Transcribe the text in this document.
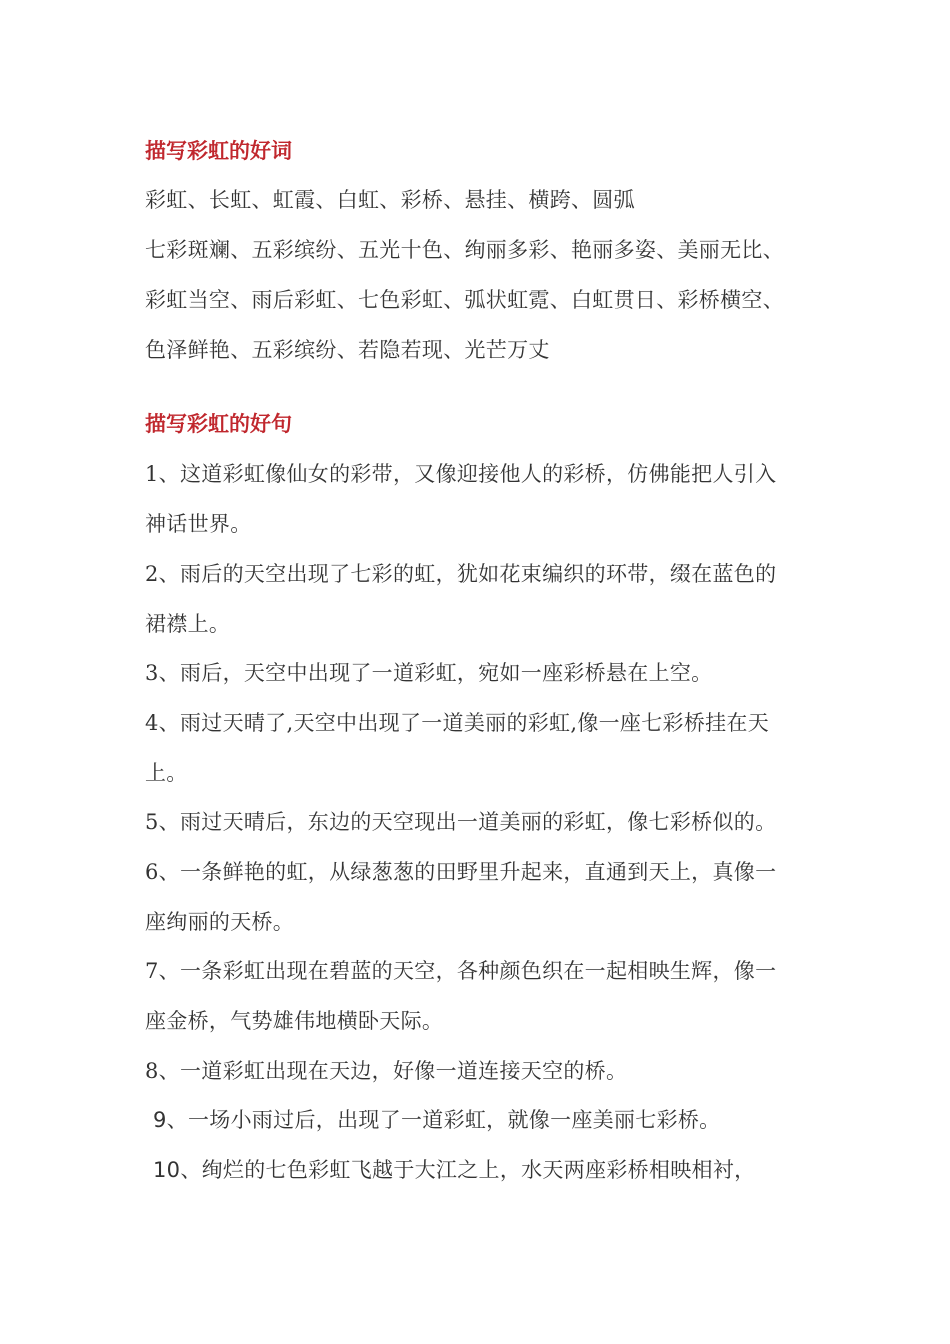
描写彩虹的好词
彩虹、长虹、虹霞、白虹、彩桥、悬挂、横跨、圆弧
七彩斑斓、五彩缤纷、五光十色、绚丽多彩、艳丽多姿、美丽无比、
彩虹当空、雨后彩虹、七色彩虹、弧状虹霓、白虹贯日、彩桥横空、
色泽鲜艳、五彩缤纷、若隐若现、光芒万丈
描写彩虹的好句
1、这道彩虹像仙女的彩带，又像迎接他人的彩桥，仿佛能把人引入
神话世界。
2、雨后的天空出现了七彩的虹，犹如花束编织的环带，缀在蓝色的
裙襟上。
3、雨后，天空中出现了一道彩虹，宛如一座彩桥悬在上空。
4、雨过天晴了,天空中出现了一道美丽的彩虹,像一座七彩桥挂在天
上。
5、雨过天晴后，东边的天空现出一道美丽的彩虹，像七彩桥似的。
6、一条鲜艳的虹，从绿葱葱的田野里升起来，直通到天上，真像一
座绚丽的天桥。
7、一条彩虹出现在碧蓝的天空，各种颜色织在一起相映生辉，像一
座金桥，气势雄伟地横卧天际。
8、一道彩虹出现在天边，好像一道连接天空的桥。
9、一场小雨过后，出现了一道彩虹，就像一座美丽七彩桥。
10、绚烂的七色彩虹飞越于大江之上，水天两座彩桥相映相衬，
